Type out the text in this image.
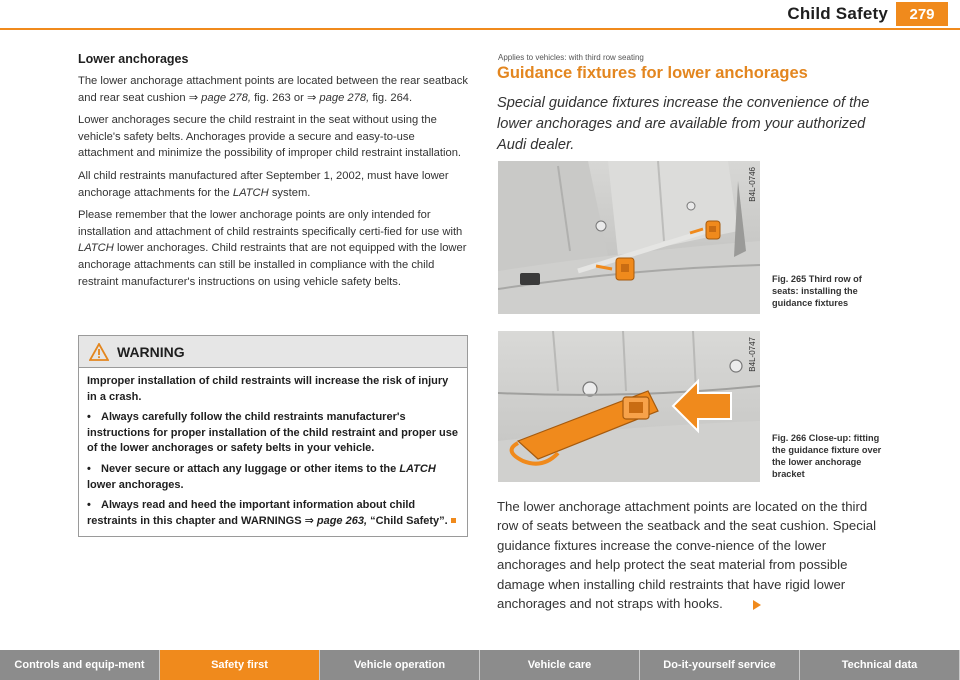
Child Safety	279
Lower anchorages

The lower anchorage attachment points are located between the rear seatback and rear seat cushion ⇒ page 278, fig. 263 or ⇒ page 278, fig. 264.

Lower anchorages secure the child restraint in the seat without using the vehicle's safety belts. Anchorages provide a secure and easy-to-use attachment and minimize the possibility of improper child restraint installation.

All child restraints manufactured after September 1, 2002, must have lower anchorage attachments for the LATCH system.

Please remember that the lower anchorage points are only intended for installation and attachment of child restraints specifically certi-fied for use with LATCH lower anchorages. Child restraints that are not equipped with the lower anchorage attachments can still be installed in compliance with the child restraint manufacturer's instructions on using vehicle safety belts.

WARNING

Improper installation of child restraints will increase the risk of injury in a crash.

• Always carefully follow the child restraints manufacturer's instructions for proper installation of the child restraint and proper use of the lower anchorages or safety belts in your vehicle.

• Never secure or attach any luggage or other items to the LATCH lower anchorages.

• Always read and heed the important information about child restraints in this chapter and WARNINGS ⇒ page 263, “Child Safety”.

Applies to vehicles: with third row seating
Guidance fixtures for lower anchorages
Special guidance fixtures increase the convenience of the lower anchorages and are available from your authorized Audi dealer.
B4L-0746
Fig. 265 Third row of seats: installing the guidance fixtures
B4L-0747
Fig. 266 Close-up: fitting the guidance fixture over the lower anchorage bracket
The lower anchorage attachment points are located on the third row of seats between the seatback and the seat cushion. Special guidance fixtures increase the conve-nience of the lower anchorages and help protect the seat material from possible damage when installing child restraints that have rigid lower anchorages and not straps with hooks.
Controls and equip-ment	Safety first	Vehicle operation	Vehicle care	Do-it-yourself service	Technical data
